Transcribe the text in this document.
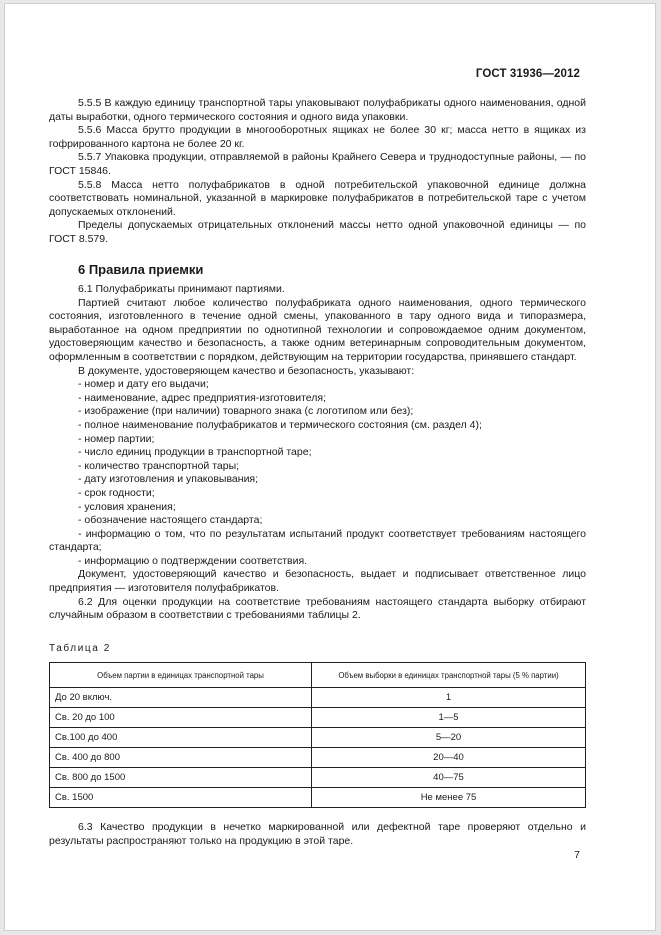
ГОСТ 31936—2012

5.5.5 В каждую единицу транспортной тары упаковывают полуфабрикаты одного наименования, одной даты выработки, одного термического состояния и одного вида упаковки.

5.5.6 Масса брутто продукции в многооборотных ящиках не более 30 кг; масса нетто в ящиках из гофрированного картона не более 20 кг.

5.5.7 Упаковка продукции, отправляемой в районы Крайнего Севера и труднодоступные районы, — по ГОСТ 15846.

5.5.8 Масса нетто полуфабрикатов в одной потребительской упаковочной единице должна соответствовать номинальной, указанной в маркировке полуфабрикатов в потребительской таре с учетом допускаемых отклонений.

Пределы допускаемых отрицательных отклонений массы нетто одной упаковочной единицы — по ГОСТ 8.579.

6 Правила приемки

6.1 Полуфабрикаты принимают партиями.

Партией считают любое количество полуфабриката одного наименования, одного термического состояния, изготовленного в течение одной смены, упакованного в тару одного вида и типоразмера, выработанное на одном предприятии по однотипной технологии и сопровождаемое одним документом, удостоверяющим качество и безопасность, а также одним ветеринарным сопроводительным документом, оформленным в соответствии с порядком, действующим на территории государства, принявшего стандарт.

В документе, удостоверяющем качество и безопасность, указывают:

- номер и дату его выдачи;

- наименование, адрес предприятия-изготовителя;

- изображение (при наличии) товарного знака (с логотипом или без);

- полное наименование полуфабрикатов и термического состояния (см. раздел 4);

- номер партии;

- число единиц продукции в транспортной таре;

- количество транспортной тары;

- дату изготовления и упаковывания;

- срок годности;

- условия хранения;

- обозначение настоящего стандарта;

- информацию о том, что по результатам испытаний продукт соответствует требованиям настоящего стандарта;

- информацию о подтверждении соответствия.

Документ, удостоверяющий качество и безопасность, выдает и подписывает ответственное лицо предприятия — изготовителя полуфабрикатов.

6.2 Для оценки продукции на соответствие требованиям настоящего стандарта выборку отбирают случайным образом в соответствии с требованиями таблицы 2.

Таблица 2
Объем партии в единицах транспортной тары	Объем выборки в единицах транспортной тары (5 % партии)
До 20 включ.	1
Св. 20 до 100	1—5
Св.100 до 400	5—20
Св. 400 до 800	20—40
Св. 800 до 1500	40—75
Св. 1500	Не менее 75

6.3 Качество продукции в нечетко маркированной или дефектной таре проверяют отдельно и результаты распространяют только на продукцию в этой таре.

7
